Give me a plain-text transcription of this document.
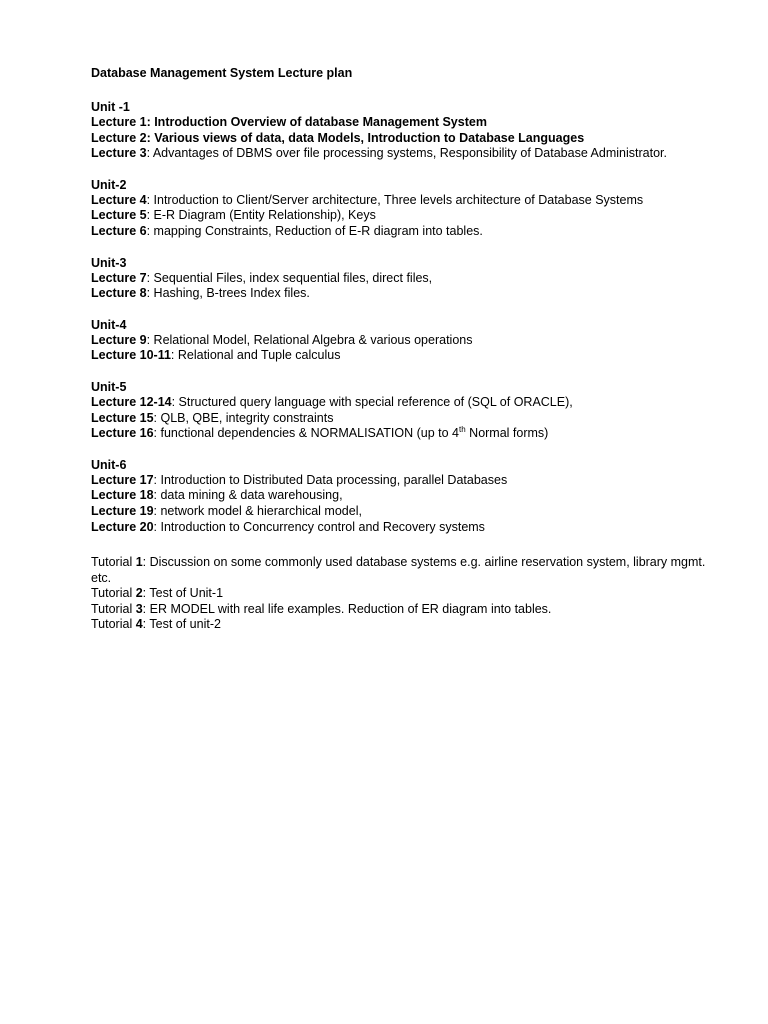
Database Management System Lecture plan
Unit -1
Lecture 1: Introduction Overview of database Management System
Lecture 2: Various views of data, data Models, Introduction to Database Languages
Lecture 3: Advantages of DBMS over file processing systems, Responsibility of Database Administrator.
Unit-2
Lecture 4: Introduction to Client/Server architecture, Three levels architecture of Database Systems
Lecture 5: E-R Diagram (Entity Relationship), Keys
Lecture 6: mapping Constraints, Reduction of E-R diagram into tables.
Unit-3
Lecture 7: Sequential Files, index sequential files, direct files,
Lecture 8: Hashing, B-trees Index files.
Unit-4
Lecture 9: Relational Model, Relational Algebra & various operations
Lecture 10-11: Relational and Tuple calculus
Unit-5
Lecture 12-14: Structured query language with special reference of (SQL of ORACLE),
Lecture 15: QLB, QBE, integrity constraints
Lecture 16: functional dependencies & NORMALISATION (up to 4th Normal forms)
Unit-6
Lecture 17: Introduction to Distributed Data processing, parallel Databases
Lecture 18: data mining & data warehousing,
Lecture 19: network model & hierarchical model,
Lecture 20: Introduction to Concurrency control and Recovery systems
Tutorial 1: Discussion on some commonly used database systems e.g. airline reservation system, library mgmt. etc.
Tutorial 2: Test of Unit-1
Tutorial 3: ER MODEL with real life examples. Reduction of ER diagram into tables.
Tutorial 4: Test of unit-2
